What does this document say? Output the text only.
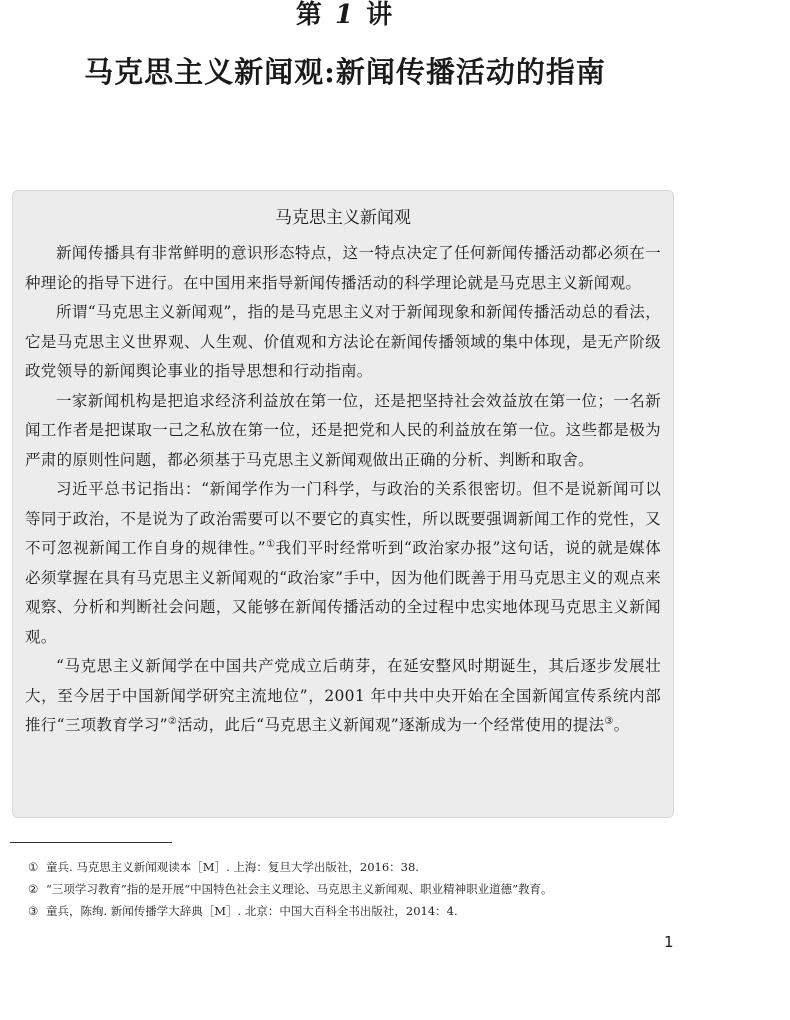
第 1 讲
马克思主义新闻观:新闻传播活动的指南
马克思主义新闻观

新闻传播具有非常鲜明的意识形态特点，这一特点决定了任何新闻传播活动都必须在一种理论的指导下进行。在中国用来指导新闻传播活动的科学理论就是马克思主义新闻观。

所谓“马克思主义新闻观”，指的是马克思主义对于新闻现象和新闻传播活动总的看法，它是马克思主义世界观、人生观、价值观和方法论在新闻传播领域的集中体现，是无产阶级政党领导的新闻舆论事业的指导思想和行动指南。

一家新闻机构是把追求经济利益放在第一位，还是把坚持社会效益放在第一位；一名新闻工作者是把谋取一己之私放在第一位，还是把党和人民的利益放在第一位。这些都是极为严肃的原则性问题，都必须基于马克思主义新闻观做出正确的分析、判断和取舍。

习近平总书记指出：“新闻学作为一门科学，与政治的关系很密切。但不是说新闻可以等同于政治，不是说为了政治需要可以不要它的真实性，所以既要强调新闻工作的党性，又不可忽视新闻工作自身的规律性。”①我们平时经常听到“政治家办报”这句话，说的就是媒体必须掌握在具有马克思主义新闻观的“政治家”手中，因为他们既善于用马克思主义的观点来观察、分析和判断社会问题，又能够在新闻传播活动的全过程中忠实地体现马克思主义新闻观。

“马克思主义新闻学在中国共产党成立后萌芽，在延安整风时期诞生，其后逐步发展壮大，至今居于中国新闻学研究主流地位”，2001 年中共中央开始在全国新闻宣传系统内部推行“三项教育学习”②活动，此后“马克思主义新闻观”逐渐成为一个经常使用的提法③。

① 童兵. 马克思主义新闻观读本［M］. 上海：复旦大学出版社，2016：38.
② “三项学习教育”指的是开展“中国特色社会主义理论、马克思主义新闻观、职业精神职业道德”教育。
③ 童兵，陈绚. 新闻传播学大辞典［M］. 北京：中国大百科全书出版社，2014：4.
1
